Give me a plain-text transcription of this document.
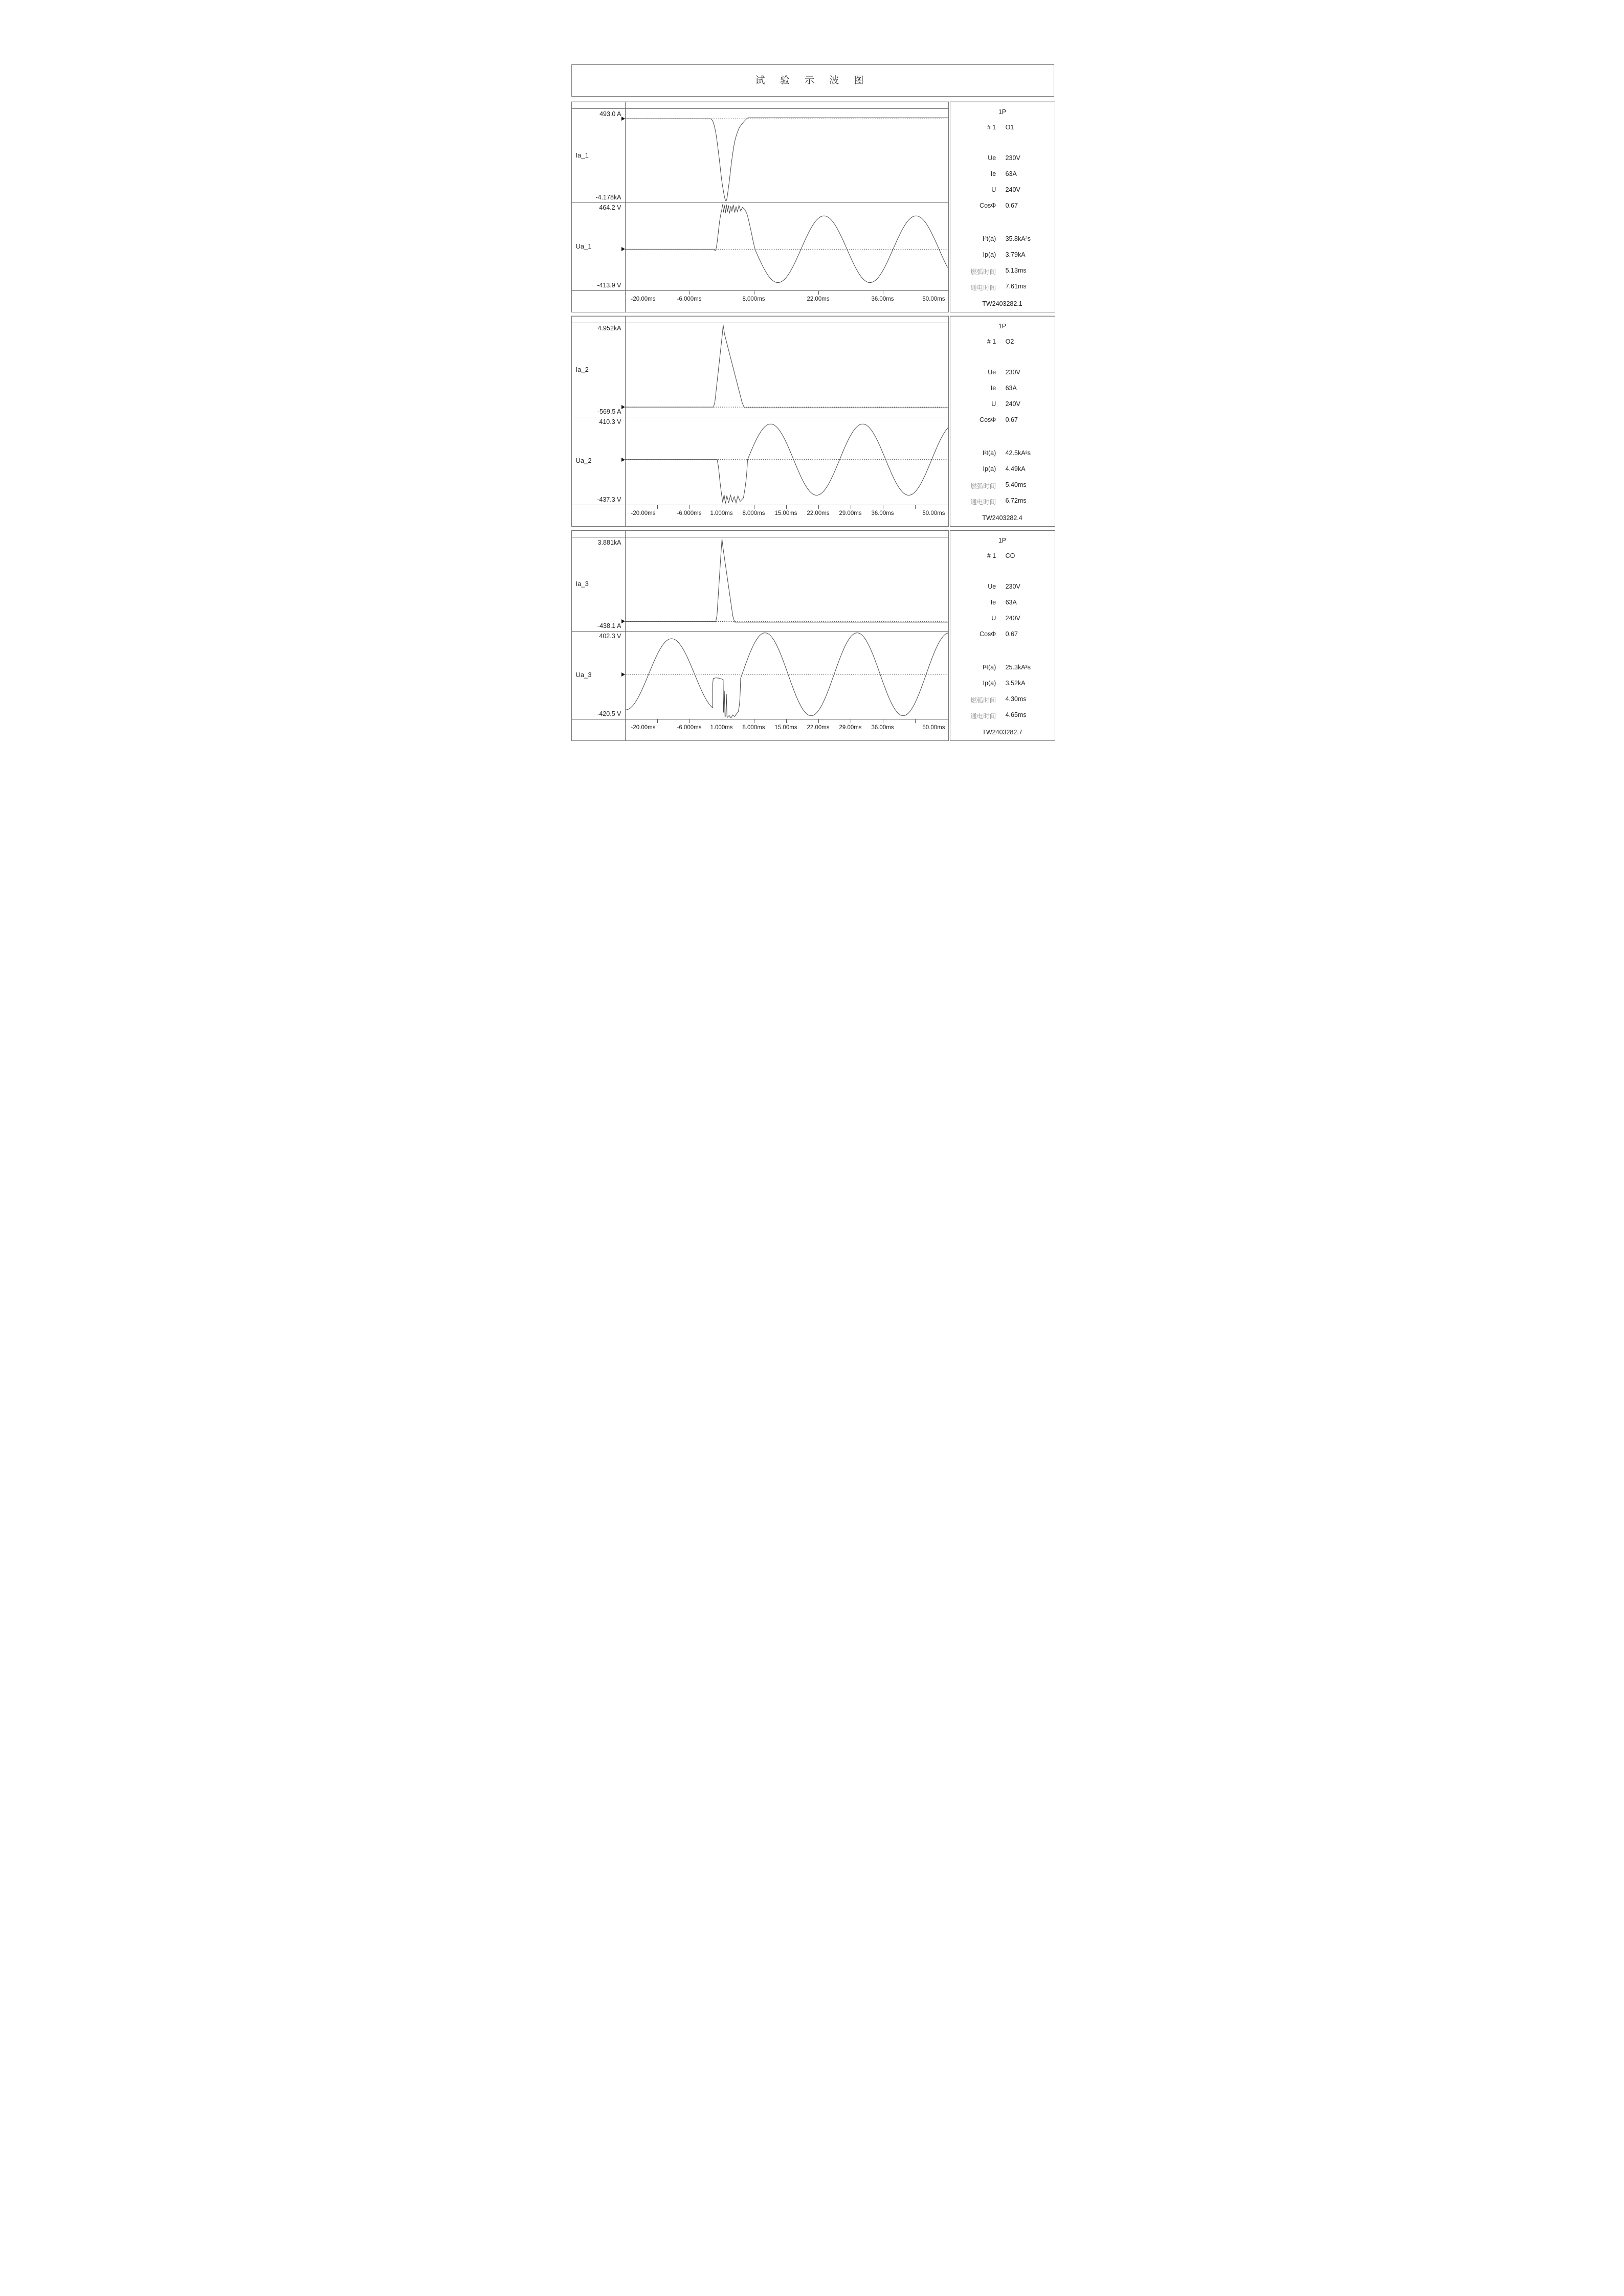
试 验 示 波 图
493.0 A
-4.178kA
Ia_1
464.2 V
-413.9 V
Ua_1
-20.00ms	-6.000ms	8.000ms	22.00ms	36.00ms	50.00ms
1P
# 1 O1
Ue 230V
Ie 63A
U 240V
CosΦ 0.67
I²t(a) 35.8kA²s
Ip(a) 3.79kA
燃弧时间 5.13ms
通电时间 7.61ms
TW2403282.1
4.952kA
-569.5 A
Ia_2
410.3 V
-437.3 V
Ua_2
-20.00ms	-6.000ms 1.000ms 8.000ms 15.00ms 22.00ms 29.00ms 36.00ms	50.00ms
1P
# 1 O2
Ue 230V
Ie 63A
U 240V
CosΦ 0.67
I²t(a) 42.5kA²s
Ip(a) 4.49kA
燃弧时间 5.40ms
通电时间 6.72ms
TW2403282.4
3.881kA
-438.1 A
Ia_3
402.3 V
-420.5 V
Ua_3
-20.00ms	-6.000ms 1.000ms 8.000ms 15.00ms 22.00ms 29.00ms 36.00ms	50.00ms
1P
# 1 CO
Ue 230V
Ie 63A
U 240V
CosΦ 0.67
I²t(a) 25.3kA²s
Ip(a) 3.52kA
燃弧时间 4.30ms
通电时间 4.65ms
TW2403282.7
